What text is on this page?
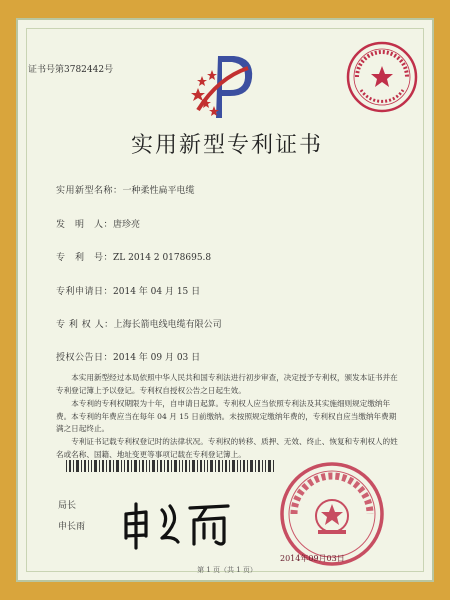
证书号第3782442号
实用新型专利证书
实用新型名称：一种柔性扁平电缆
发　明　人：唐珍亮
专　利　号：ZL 2014 2 0178695.8
专利申请日：2014 年 04 月 15 日
专 利 权 人：上海长箭电线电缆有限公司
授权公告日：2014 年 09 月 03 日
本实用新型经过本局依照中华人民共和国专利法进行初步审查，决定授予专利权，颁发本证书并在专利登记簿上予以登记。专利权自授权公告之日起生效。
本专利的专利权期限为十年，自申请日起算。专利权人应当依照专利法及其实施细则规定缴纳年费。本专利的年费应当在每年 04 月 15 日前缴纳。未按照规定缴纳年费的，专利权自应当缴纳年费期满之日起终止。
专利证书记载专利权登记时的法律状况。专利权的转移、质押、无效、终止、恢复和专利权人的姓名或名称、国籍、地址变更等事项记载在专利登记簿上。
局长
申长雨
2014年09月03日
第 1 页（共 1 页）
